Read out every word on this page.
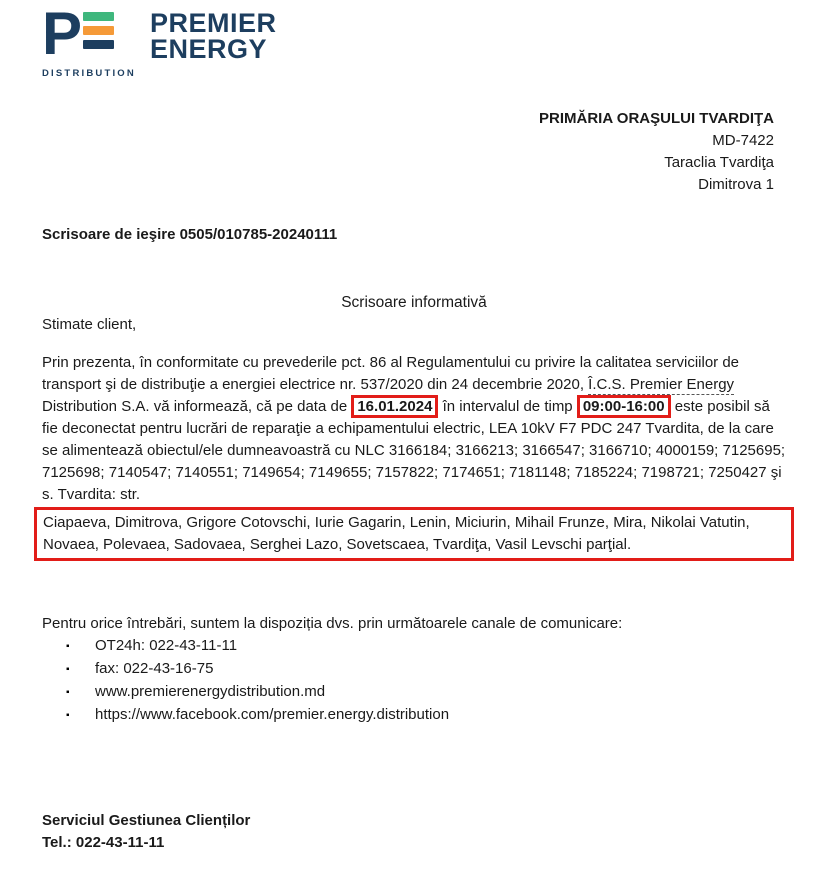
P
DISTRIBUTION
PREMIER
ENERGY
PRIMĂRIA ORAŞULUI TVARDIŢA
MD-7422
Taraclia Tvardiţa
Dimitrova 1
Scrisoare de ieşire 0505/010785-20240111
Scrisoare informativă
Stimate client,
Prin prezenta, în conformitate cu prevederile pct. 86 al Regulamentului cu privire la calitatea serviciilor de transport şi de distribuţie a energiei electrice nr. 537/2020 din 24 decembrie 2020, Î.C.S. Premier Energy Distribution S.A. vă informează, că pe data de 16.01.2024 în intervalul de timp 09:00-16:00 este posibil să fie deconectat pentru lucrări de reparaţie a echipamentului electric, LEA 10kV F7 PDC 247 Tvardita, de la care se alimentează obiectul/ele dumneavoastră cu NLC 3166184; 3166213; 3166547; 3166710; 4000159; 7125695; 7125698; 7140547; 7140551; 7149654; 7149655; 7157822; 7174651; 7181148; 7185224; 7198721; 7250427 şi s. Tvardita: str.
Ciapaeva, Dimitrova, Grigore Cotovschi, Iurie Gagarin, Lenin, Miciurin, Mihail Frunze, Mira, Nikolai Vatutin, Novaea, Polevaea, Sadovaea, Serghei Lazo, Sovetscaea, Tvardiţa, Vasil Levschi parţial.
Pentru orice întrebări, suntem la dispoziția dvs. prin următoarele canale de comunicare:
▪ OT24h: 022-43-11-11
▪ fax: 022-43-16-75
▪ www.premierenergydistribution.md
▪ https://www.facebook.com/premier.energy.distribution
Serviciul Gestiunea Clienților
Tel.: 022-43-11-11
